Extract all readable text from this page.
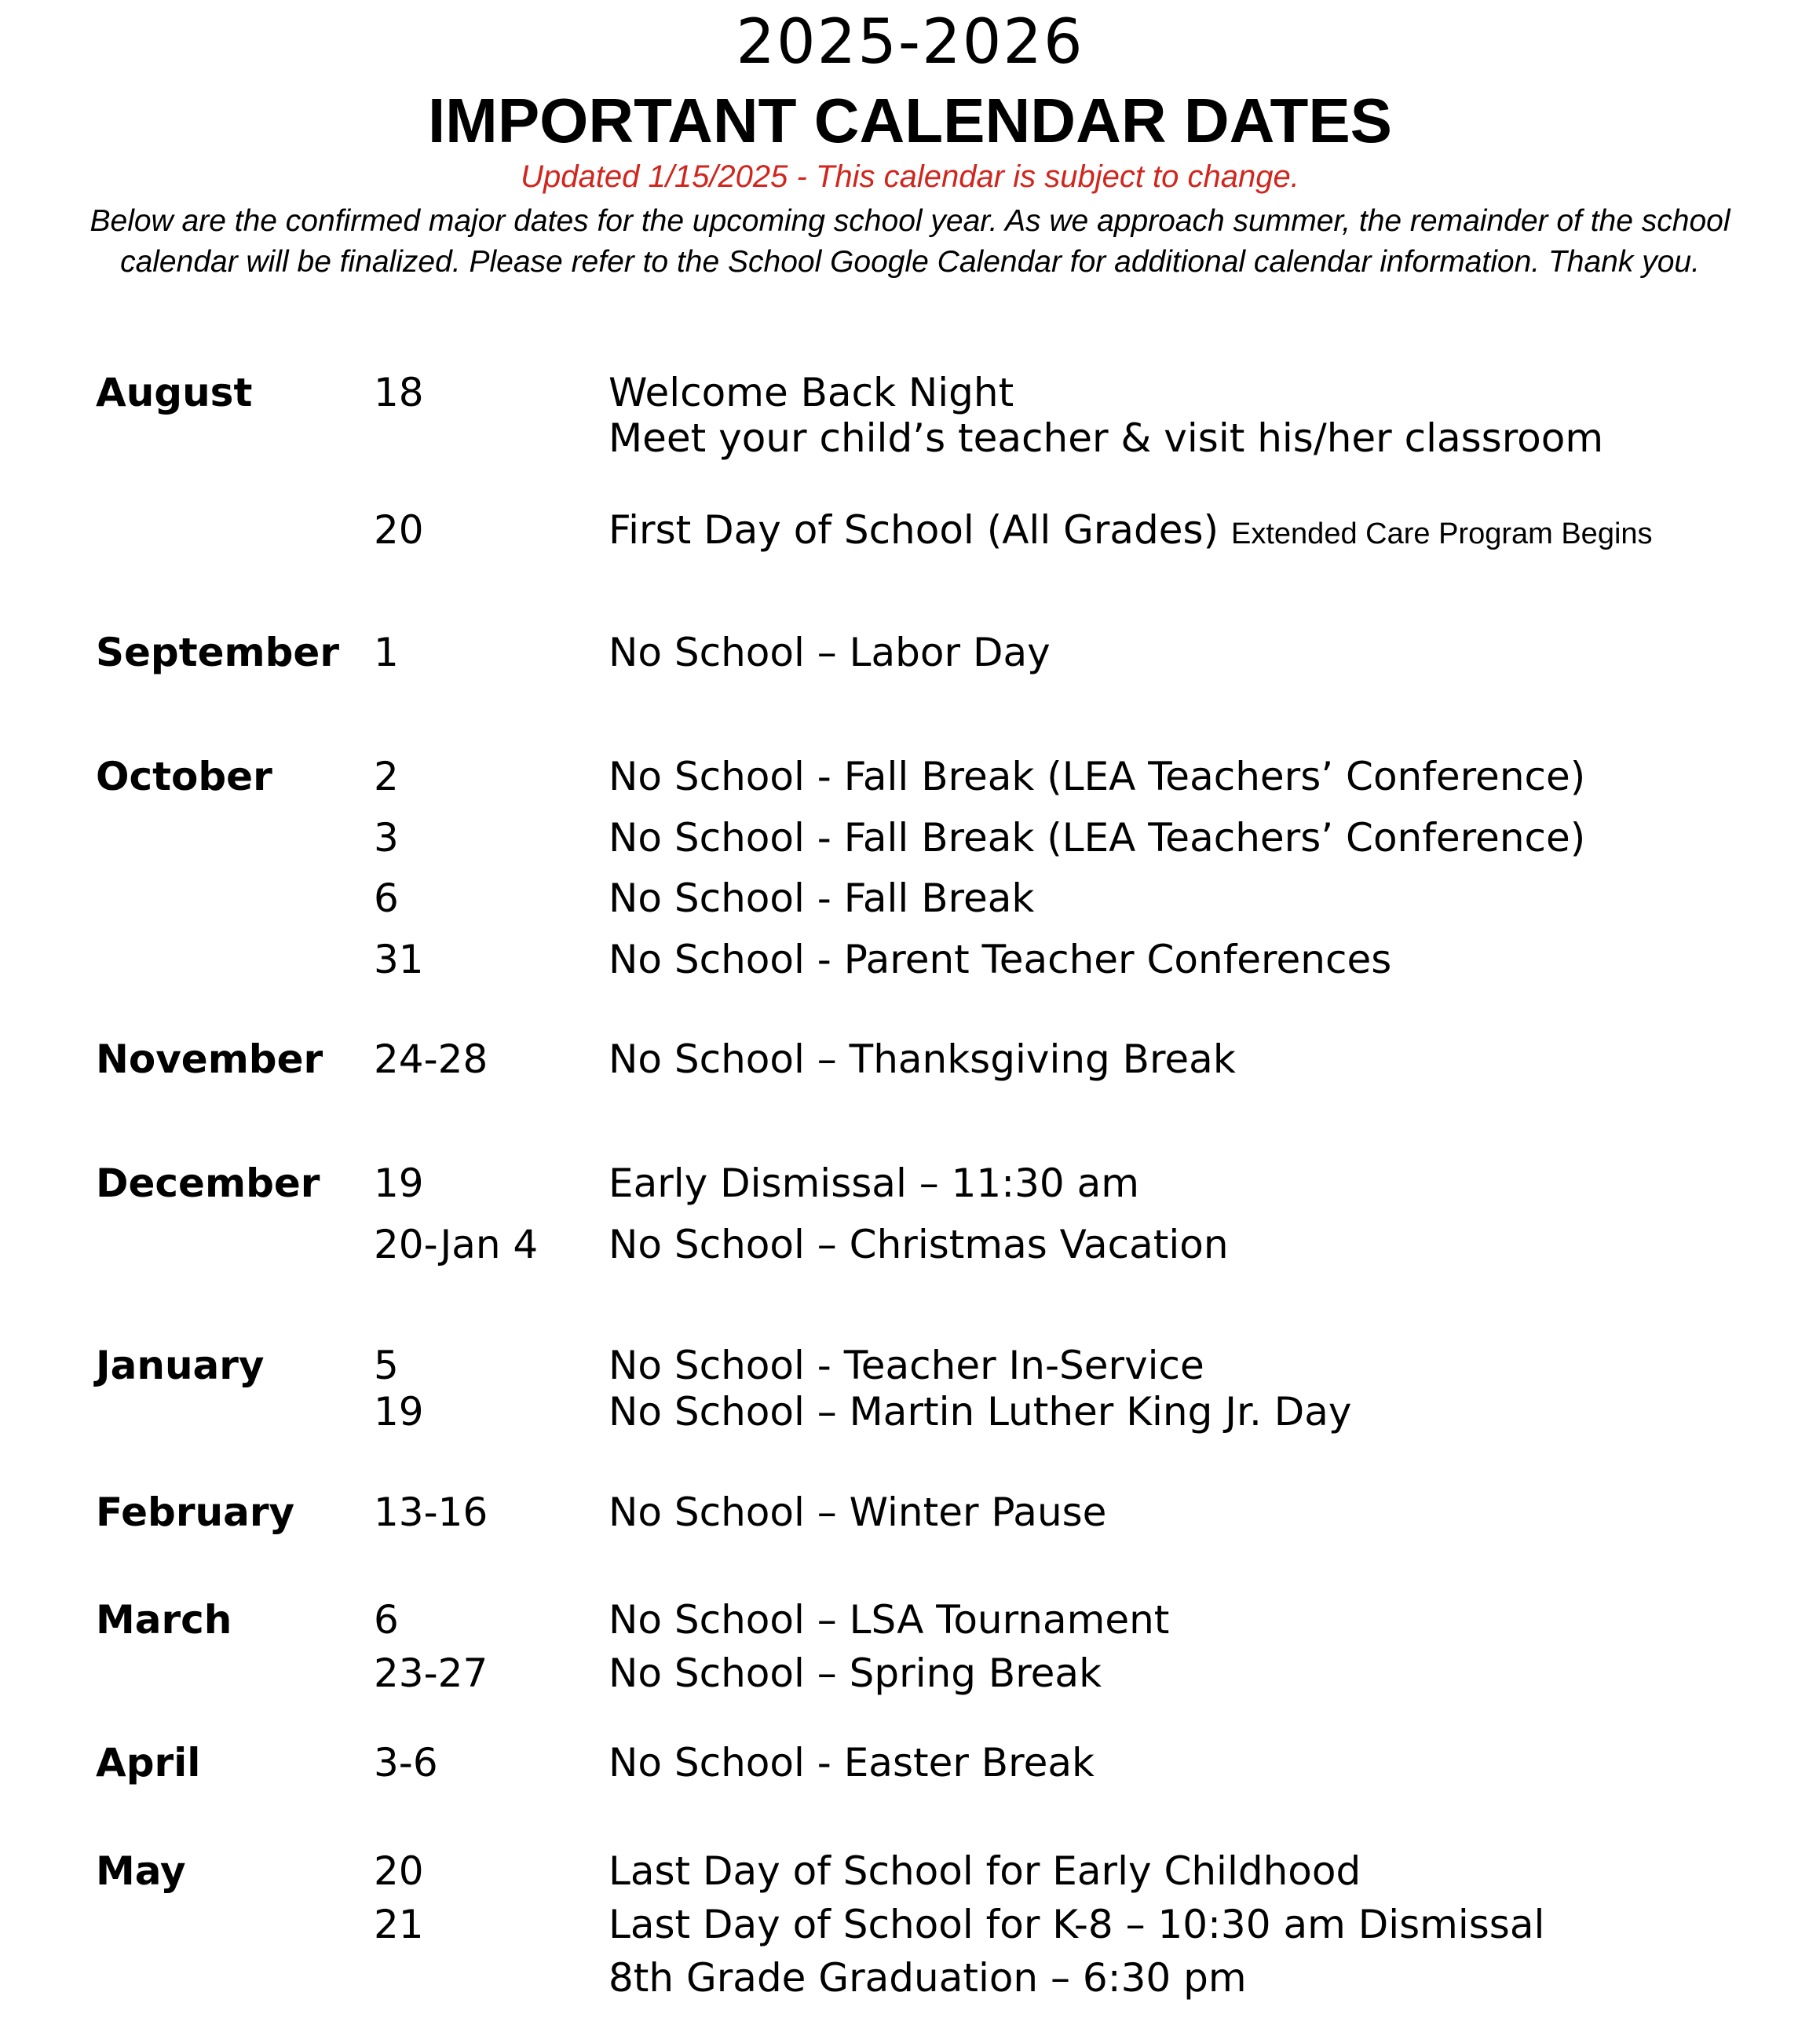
2025-2026
IMPORTANT CALENDAR DATES
Updated 1/15/2025 - This calendar is subject to change.
Below are the confirmed major dates for the upcoming school year. As we approach summer, the remainder of the school
calendar will be finalized. Please refer to the School Google Calendar for additional calendar information. Thank you.
August	18	Welcome Back Night
Meet your child’s teacher & visit his/her classroom
20	First Day of School (All Grades) Extended Care Program Begins
September 1	No School – Labor Day
October	2	No School - Fall Break (LEA Teachers’ Conference)
3	No School - Fall Break (LEA Teachers’ Conference)
6	No School - Fall Break
31	No School - Parent Teacher Conferences
November 24-28	No School – Thanksgiving Break
December 19	Early Dismissal – 11:30 am
20-Jan 4 No School – Christmas Vacation
January	5	No School - Teacher In-Service
19	No School – Martin Luther King Jr. Day
February 13-16	No School – Winter Pause
March	6	No School – LSA Tournament
23-27	No School – Spring Break
April	3-6	No School - Easter Break
May	20	Last Day of School for Early Childhood
21	Last Day of School for K-8 – 10:30 am Dismissal
8th Grade Graduation – 6:30 pm
